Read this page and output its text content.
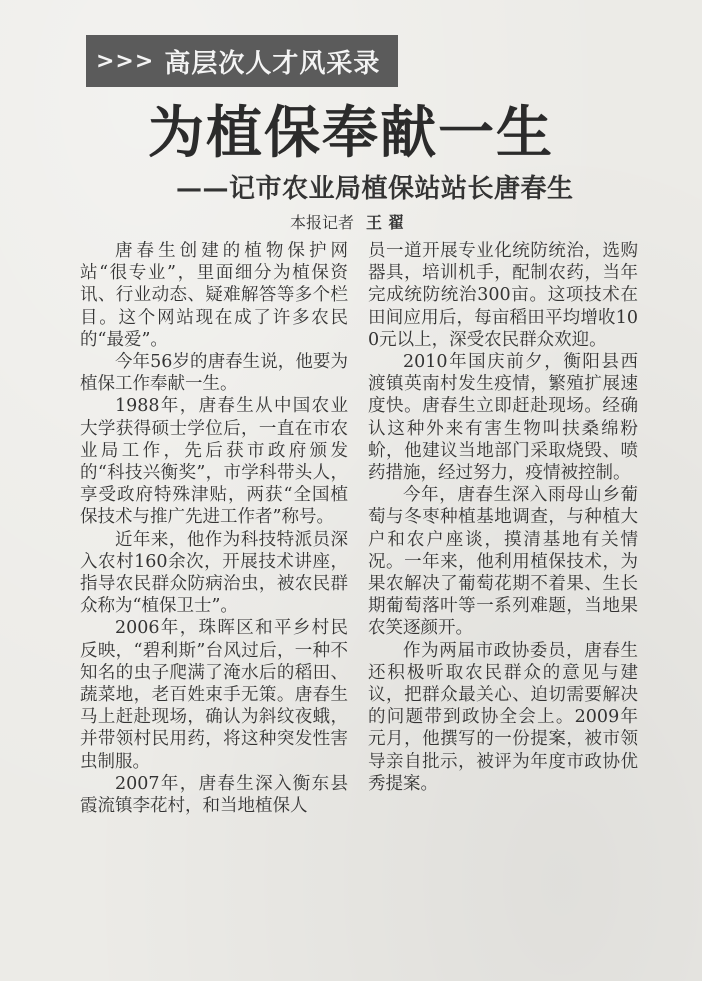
>>> 高层次人才风采录
为植保奉献一生
——记市农业局植保站站长唐春生
本报记者 王翟

唐春生创建的植物保护网站“很专业”，里面细分为植保资讯、行业动态、疑难解答等多个栏目。这个网站现在成了许多农民的“最爱”。

今年56岁的唐春生说，他要为植保工作奉献一生。

1988年，唐春生从中国农业大学获得硕士学位后，一直在市农业局工作，先后获市政府颁发的“科技兴衡奖”，市学科带头人，享受政府特殊津贴，两获“全国植保技术与推广先进工作者”称号。

近年来，他作为科技特派员深入农村160余次，开展技术讲座，指导农民群众防病治虫，被农民群众称为“植保卫士”。

2006年，珠晖区和平乡村民反映，“碧利斯”台风过后，一种不知名的虫子爬满了淹水后的稻田、蔬菜地，老百姓束手无策。唐春生马上赶赴现场，确认为斜纹夜蛾，并带领村民用药，将这种突发性害虫制服。

2007年，唐春生深入衡东县霞流镇李花村，和当地植保人

员一道开展专业化统防统治，选购器具，培训机手，配制农药，当年完成统防统治300亩。这项技术在田间应用后，每亩稻田平均增收100元以上，深受农民群众欢迎。

2010年国庆前夕，衡阳县西渡镇英南村发生疫情，繁殖扩展速度快。唐春生立即赶赴现场。经确认这种外来有害生物叫扶桑绵粉蚧，他建议当地部门采取烧毁、喷药措施，经过努力，疫情被控制。

今年，唐春生深入雨母山乡葡萄与冬枣种植基地调查，与种植大户和农户座谈，摸清基地有关情况。一年来，他利用植保技术，为果农解决了葡萄花期不着果、生长期葡萄落叶等一系列难题，当地果农笑逐颜开。

作为两届市政协委员，唐春生还积极听取农民群众的意见与建议，把群众最关心、迫切需要解决的问题带到政协全会上。2009年元月，他撰写的一份提案，被市领导亲自批示，被评为年度市政协优秀提案。
